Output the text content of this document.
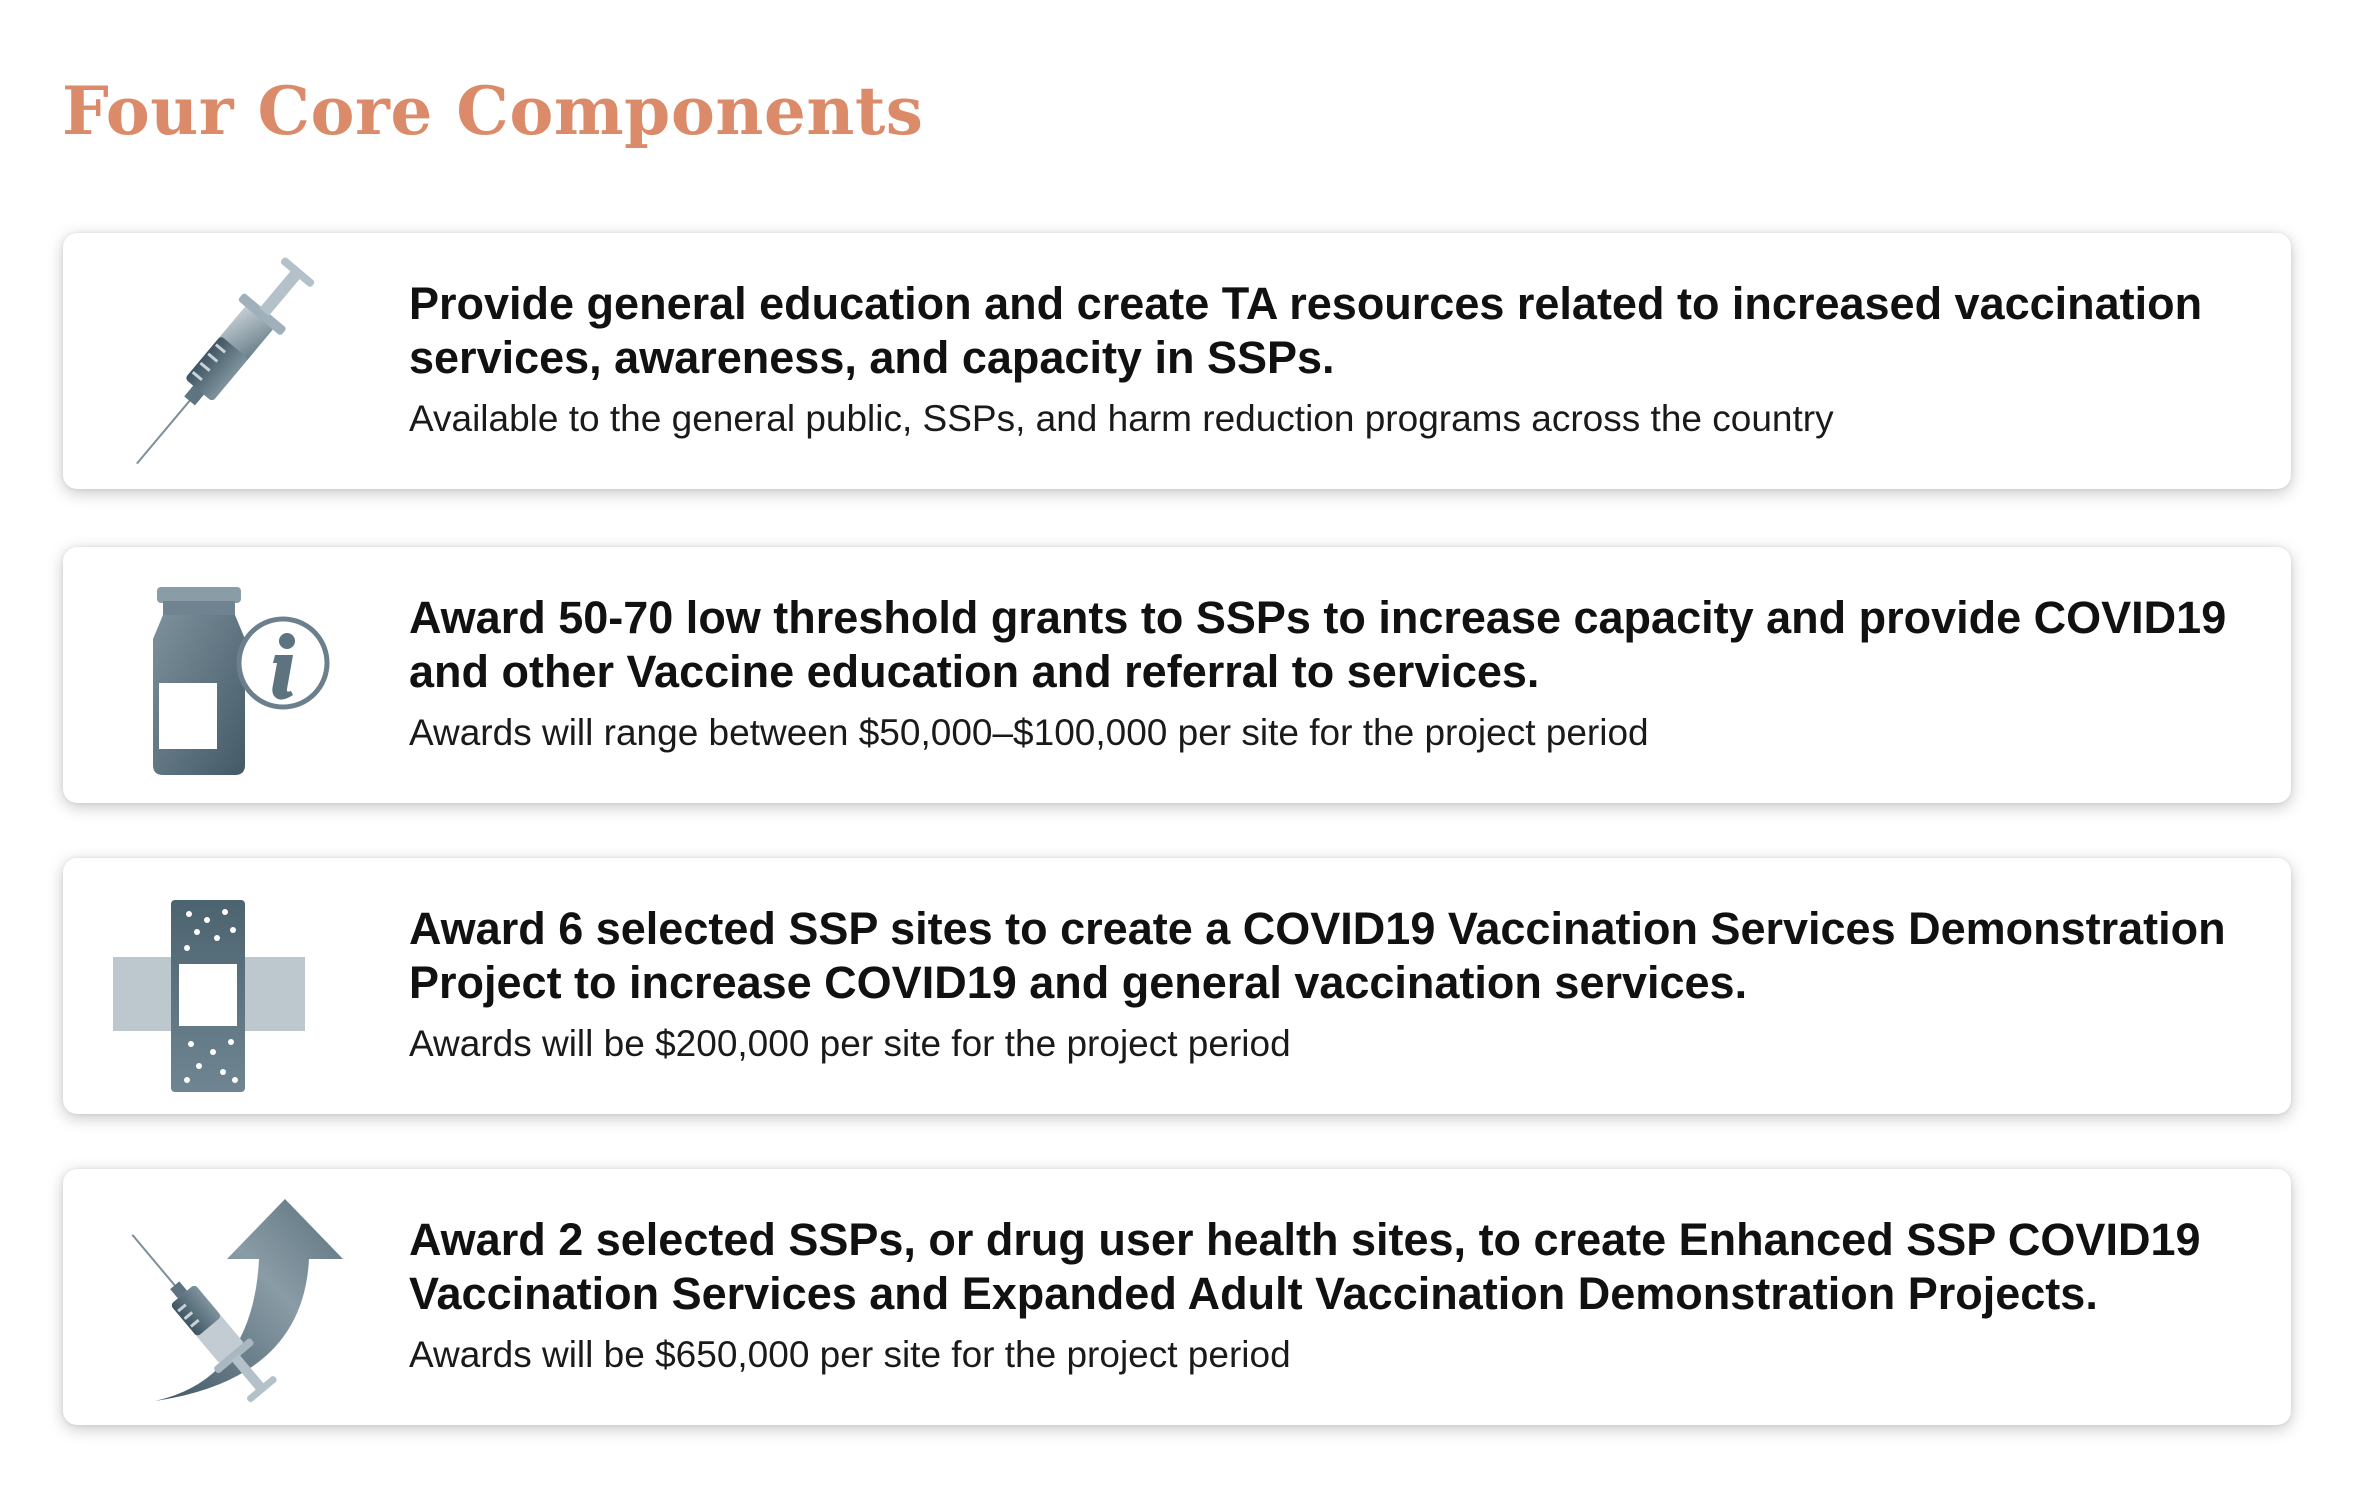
Four Core Components

Provide general education and create TA resources related to increased vaccination services, awareness, and capacity in SSPs.

Available to the general public, SSPs, and harm reduction programs across the country

Award 50-70 low threshold grants to SSPs to increase capacity and provide COVID19 and other Vaccine education and referral to services.

Awards will range between $50,000–$100,000 per site for the project period

Award 6 selected SSP sites to create a COVID19 Vaccination Services Demonstration Project to increase COVID19 and general vaccination services.

Awards will be $200,000 per site for the project period

Award 2 selected SSPs, or drug user health sites, to create Enhanced SSP COVID19 Vaccination Services and Expanded Adult Vaccination Demonstration Projects.

Awards will be $650,000 per site for the project period
